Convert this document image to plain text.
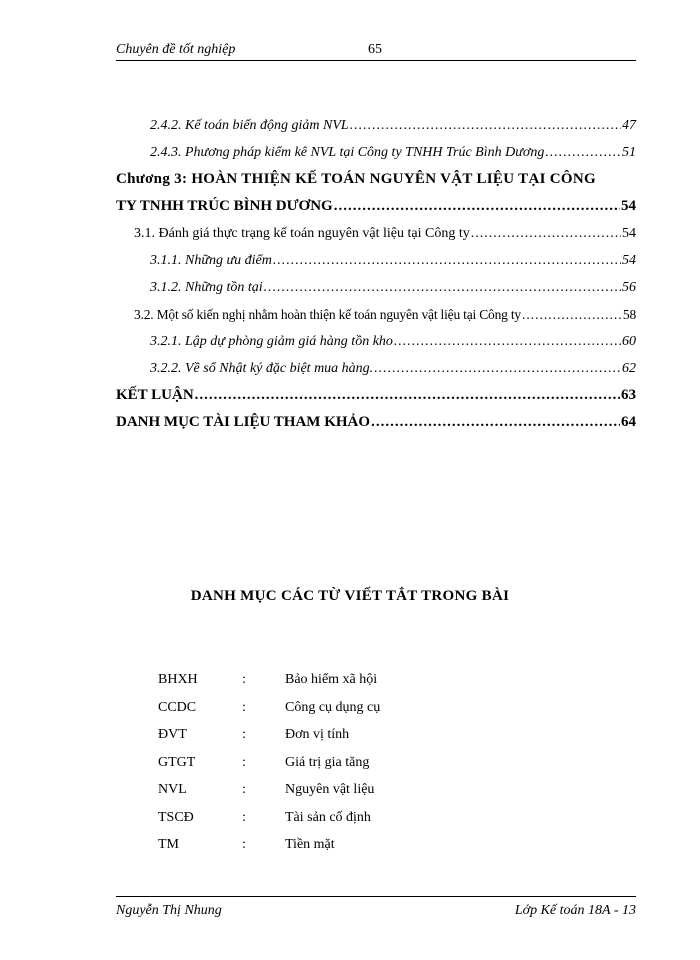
Chuyên đề tốt nghiệp	65
2.4.2. Kế toán biến động giảm NVL .....	47
2.4.3. Phương pháp kiểm kê NVL tại Công ty TNHH Trúc Bình Dương .....	51
Chương 3: HOÀN THIỆN KẾ TOÁN NGUYÊN VẬT LIỆU TẠI CÔNG
TY TNHH TRÚC BÌNH DƯƠNG .....	54
3.1. Đánh giá thực trạng kế toán nguyên vật liệu tại Công ty .....	54
3.1.1. Những ưu điểm .....	54
3.1.2. Những tồn tại .....	56
3.2. Một số kiến nghị nhằm hoàn thiện kế toán nguyên vật liệu tại Công ty .....	58
3.2.1. Lập dự phòng giảm giá hàng tồn kho .....	60
3.2.2. Về sổ Nhật ký đặc biệt mua hàng. .....	62
KẾT LUẬN .....	63
DANH MỤC TÀI LIỆU THAM KHẢO .....	64
DANH MỤC CÁC TỪ VIẾT TẮT TRONG BÀI
BHXH	:	Bảo hiểm xã hội
CCDC	:	Công cụ dụng cụ
ĐVT	:	Đơn vị tính
GTGT	:	Giá trị gia tăng
NVL	:	Nguyên vật liệu
TSCĐ	:	Tài sản cố định
TM	:	Tiền mặt
Nguyễn Thị Nhung	Lớp Kế toán 18A - 13
